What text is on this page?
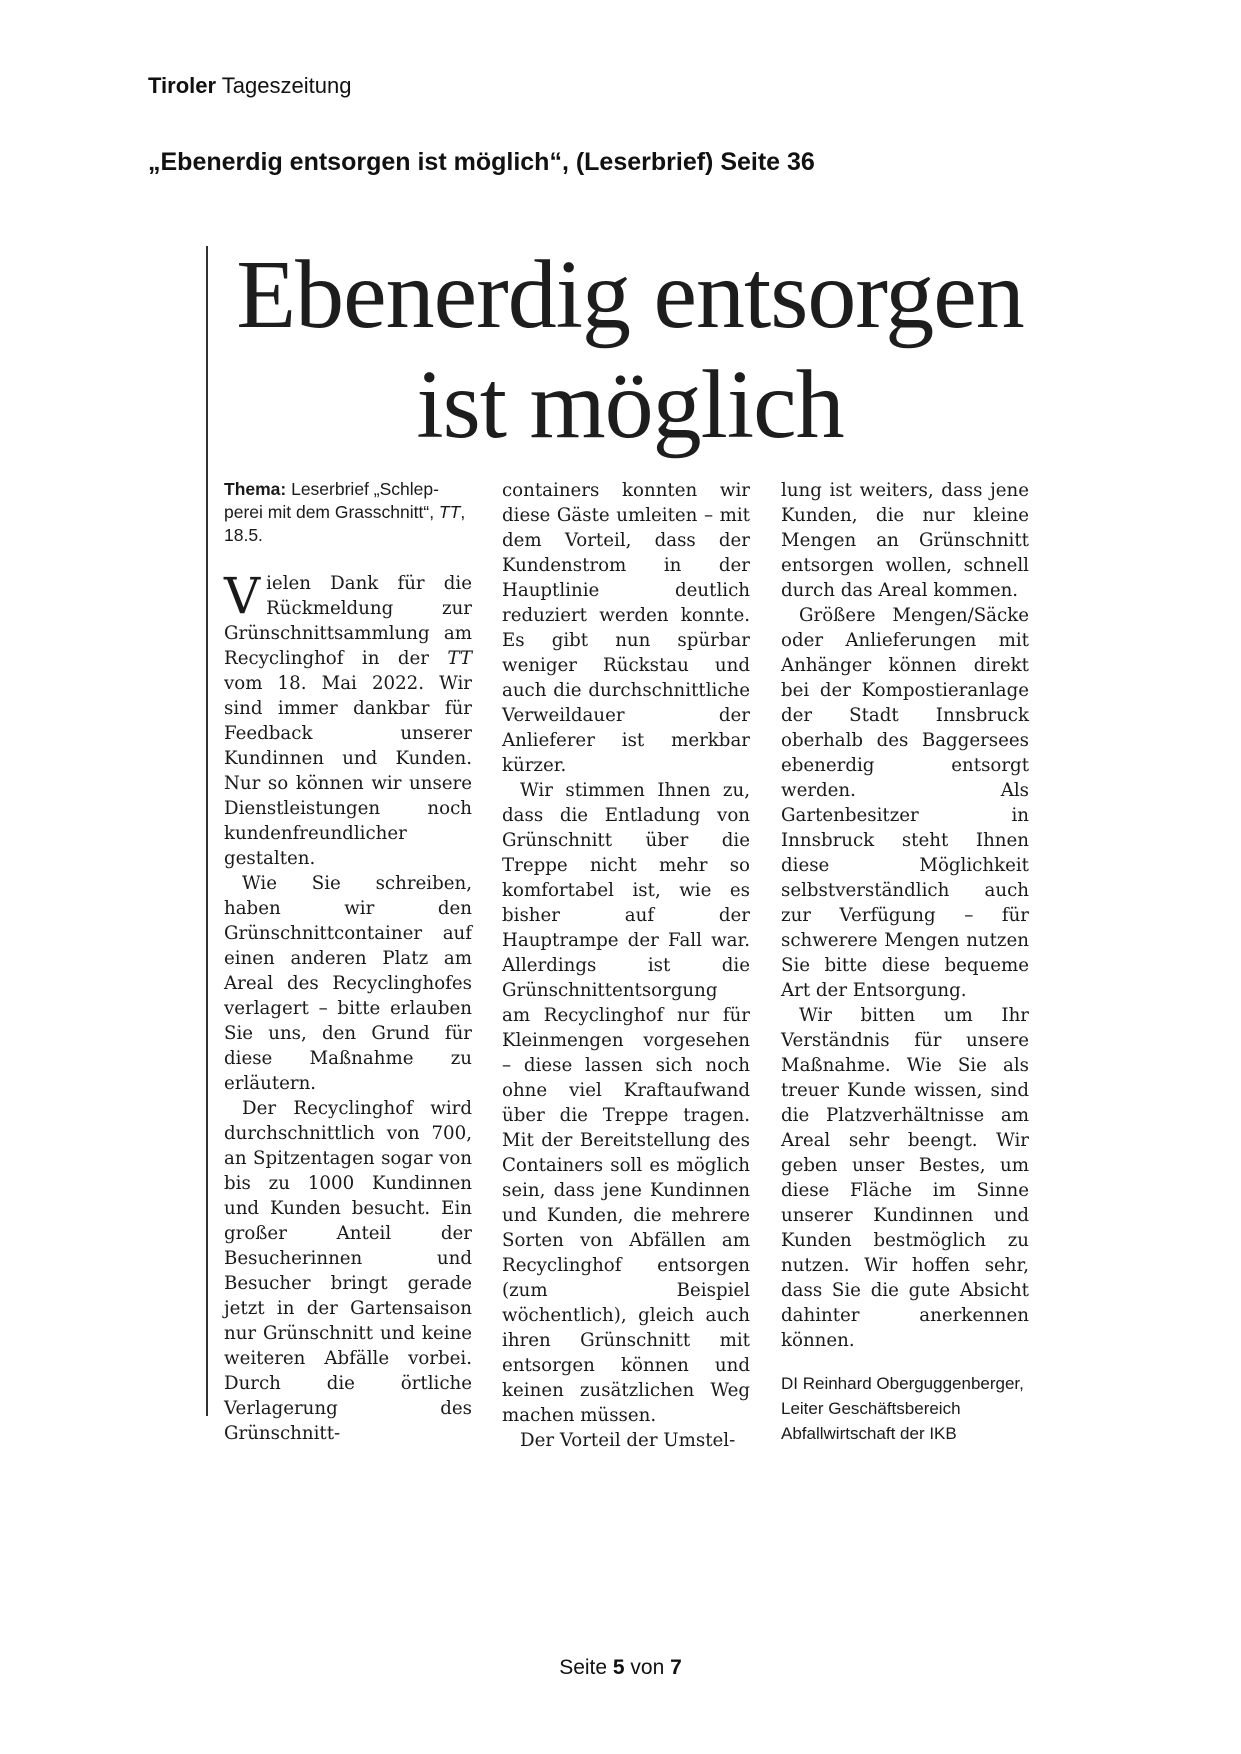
Tiroler Tageszeitung
„Ebenerdig entsorgen ist möglich“, (Leserbrief) Seite 36
Ebenerdig entsorgen
ist möglich
Thema: Leserbrief „Schlep-perei mit dem Grasschnitt“, TT, 18.5.

Vielen Dank für die Rückmeldung zur Grünschnittsammlung am Recyclinghof in der TT vom 18. Mai 2022. Wir sind immer dankbar für Feedback unserer Kundinnen und Kunden. Nur so können wir unsere Dienstleistungen noch kundenfreundlicher gestalten.

Wie Sie schreiben, haben wir den Grünschnittcontainer auf einen anderen Platz am Areal des Recyclinghofes verlagert – bitte erlauben Sie uns, den Grund für diese Maßnahme zu erläutern.

Der Recyclinghof wird durchschnittlich von 700, an Spitzentagen sogar von bis zu 1000 Kundinnen und Kunden besucht. Ein großer Anteil der Besucherinnen und Besucher bringt gerade jetzt in der Gartensaison nur Grünschnitt und keine weiteren Abfälle vorbei. Durch die örtliche Verlagerung des Grünschnitt-

containers konnten wir diese Gäste umleiten – mit dem Vorteil, dass der Kundenstrom in der Hauptlinie deutlich reduziert werden konnte. Es gibt nun spürbar weniger Rückstau und auch die durchschnittliche Verweildauer der Anlieferer ist merkbar kürzer.

Wir stimmen Ihnen zu, dass die Entladung von Grünschnitt über die Treppe nicht mehr so komfortabel ist, wie es bisher auf der Hauptrampe der Fall war. Allerdings ist die Grünschnittentsorgung am Recyclinghof nur für Kleinmengen vorgesehen – diese lassen sich noch ohne viel Kraftaufwand über die Treppe tragen. Mit der Bereitstellung des Containers soll es möglich sein, dass jene Kundinnen und Kunden, die mehrere Sorten von Abfällen am Recyclinghof entsorgen (zum Beispiel wöchentlich), gleich auch ihren Grünschnitt mit entsorgen können und keinen zusätzlichen Weg machen müssen.

Der Vorteil der Umstel-

lung ist weiters, dass jene Kunden, die nur kleine Mengen an Grünschnitt entsorgen wollen, schnell durch das Areal kommen.

Größere Mengen/Säcke oder Anlieferungen mit Anhänger können direkt bei der Kompostieranlage der Stadt Innsbruck oberhalb des Baggersees ebenerdig entsorgt werden. Als Gartenbesitzer in Innsbruck steht Ihnen diese Möglichkeit selbstverständlich auch zur Verfügung – für schwerere Mengen nutzen Sie bitte diese bequeme Art der Entsorgung.

Wir bitten um Ihr Verständnis für unsere Maßnahme. Wie Sie als treuer Kunde wissen, sind die Platzverhältnisse am Areal sehr beengt. Wir geben unser Bestes, um diese Fläche im Sinne unserer Kundinnen und Kunden bestmöglich zu nutzen. Wir hoffen sehr, dass Sie die gute Absicht dahinter anerkennen können.

DI Reinhard Oberguggenberger, Leiter Geschäftsbereich Abfallwirtschaft der IKB
Seite 5 von 7
